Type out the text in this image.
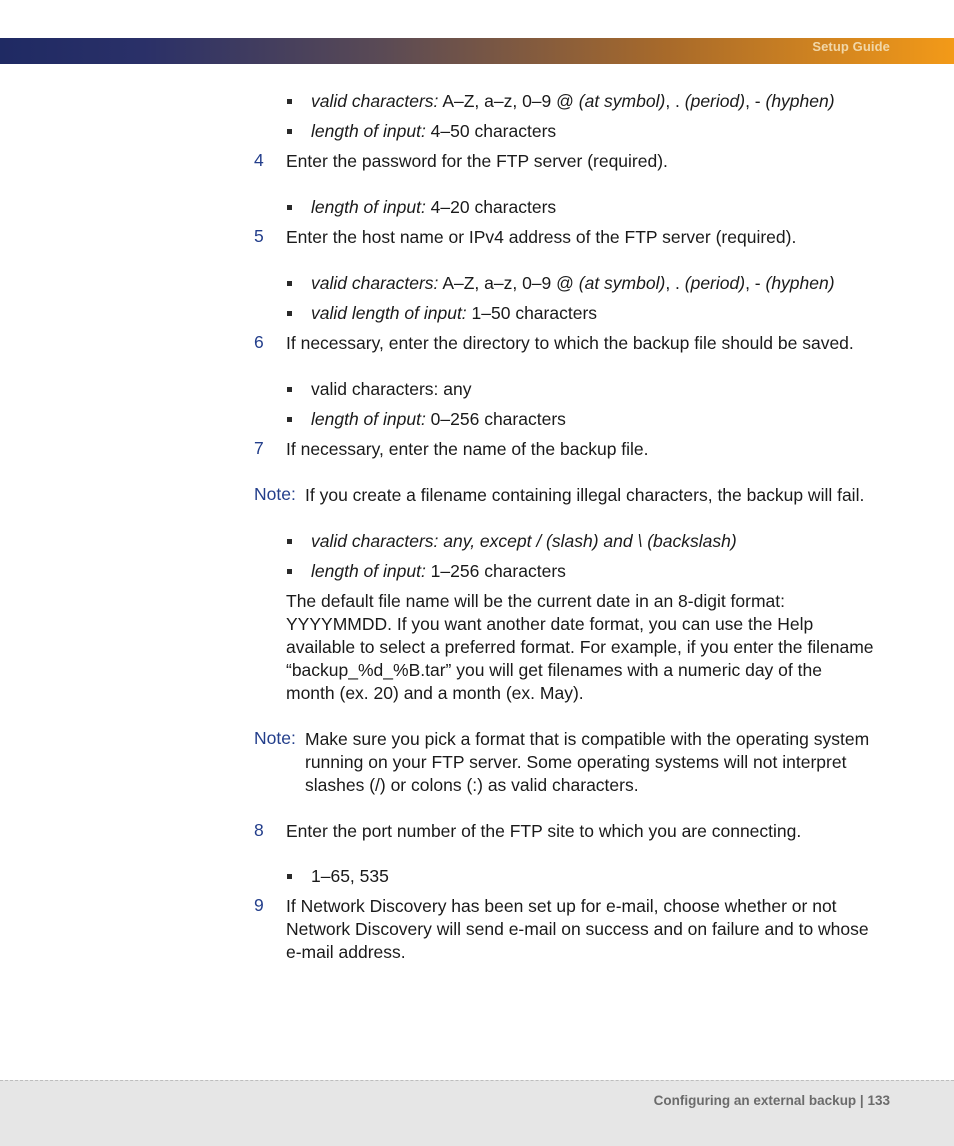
Setup Guide
valid characters: A–Z, a–z, 0–9 @ (at symbol), . (period), - (hyphen)
length of input: 4–50 characters
4 Enter the password for the FTP server (required).
length of input: 4–20 characters
5 Enter the host name or IPv4 address of the FTP server (required).
valid characters: A–Z, a–z, 0–9 @ (at symbol), . (period), - (hyphen)
valid length of input: 1–50 characters
6 If necessary, enter the directory to which the backup file should be saved.
valid characters: any
length of input: 0–256 characters
7 If necessary, enter the name of the backup file.
Note: If you create a filename containing illegal characters, the backup will fail.
valid characters: any, except / (slash) and \ (backslash)
length of input: 1–256 characters
The default file name will be the current date in an 8-digit format:
YYYYMMDD. If you want another date format, you can use the Help
available to select a preferred format. For example, if you enter the filename
“backup_%d_%B.tar” you will get filenames with a numeric day of the
month (ex. 20) and a month (ex. May).
Note: Make sure you pick a format that is compatible with the operating system
running on your FTP server. Some operating systems will not interpret
slashes (/) or colons (:) as valid characters.
8 Enter the port number of the FTP site to which you are connecting.
1–65, 535
9 If Network Discovery has been set up for e-mail, choose whether or not
Network Discovery will send e-mail on success and on failure and to whose
e-mail address.
Configuring an external backup | 133
